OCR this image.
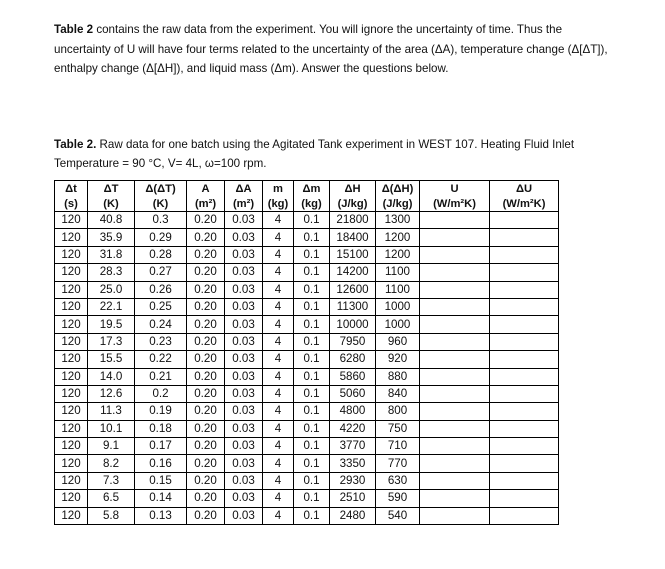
Table 2 contains the raw data from the experiment. You will ignore the uncertainty of time. Thus the uncertainty of U will have four terms related to the uncertainty of the area (ΔA), temperature change (Δ[ΔT]), enthalpy change (Δ[ΔH]), and liquid mass (Δm). Answer the questions below.
Table 2. Raw data for one batch using the Agitated Tank experiment in WEST 107. Heating Fluid Inlet Temperature = 90 °C, V= 4L, ω=100 rpm.
Δt	ΔT	Δ(ΔT)	A	ΔA	m	Δm	ΔH	Δ(ΔH)	U	ΔU
(s)	(K)	(K)	(m²)	(m²)	(kg)	(kg)	(J/kg)	(J/kg)	(W/m²K)	(W/m²K)
120	40.8	0.3	0.20	0.03	4	0.1	21800	1300		
120	35.9	0.29	0.20	0.03	4	0.1	18400	1200		
120	31.8	0.28	0.20	0.03	4	0.1	15100	1200		
120	28.3	0.27	0.20	0.03	4	0.1	14200	1100		
120	25.0	0.26	0.20	0.03	4	0.1	12600	1100		
120	22.1	0.25	0.20	0.03	4	0.1	11300	1000		
120	19.5	0.24	0.20	0.03	4	0.1	10000	1000		
120	17.3	0.23	0.20	0.03	4	0.1	7950	960		
120	15.5	0.22	0.20	0.03	4	0.1	6280	920		
120	14.0	0.21	0.20	0.03	4	0.1	5860	880		
120	12.6	0.2	0.20	0.03	4	0.1	5060	840		
120	11.3	0.19	0.20	0.03	4	0.1	4800	800		
120	10.1	0.18	0.20	0.03	4	0.1	4220	750		
120	9.1	0.17	0.20	0.03	4	0.1	3770	710		
120	8.2	0.16	0.20	0.03	4	0.1	3350	770		
120	7.3	0.15	0.20	0.03	4	0.1	2930	630		
120	6.5	0.14	0.20	0.03	4	0.1	2510	590		
120	5.8	0.13	0.20	0.03	4	0.1	2480	540		
